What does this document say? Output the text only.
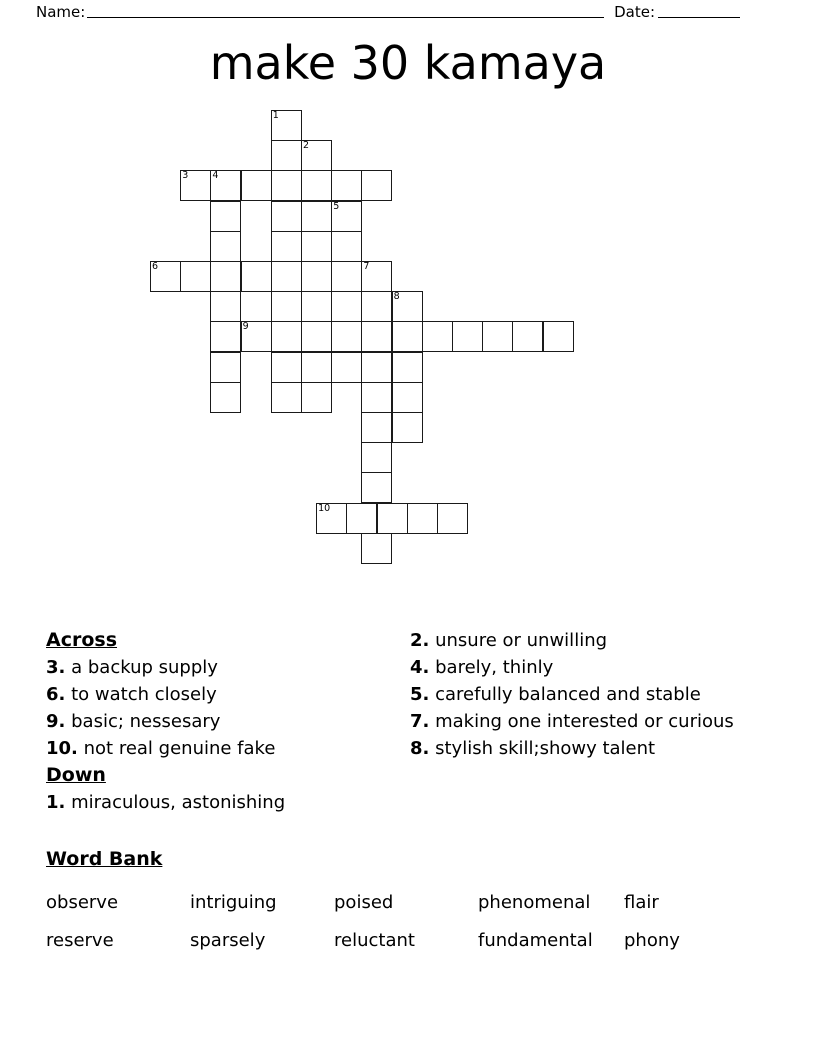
Name:	Date:
make 30 kamaya
1
2
3	4
5
6	7
8
9
10
Across
3. a backup supply
6. to watch closely
9. basic; nessesary
10. not real genuine fake
Down
1. miraculous, astonishing
2. unsure or unwilling
4. barely, thinly
5. carefully balanced and stable
7. making one interested or curious
8. stylish skill;showy talent
Word Bank
observe	intriguing	poised	phenomenal	flair
reserve	sparsely	reluctant	fundamental	phony
